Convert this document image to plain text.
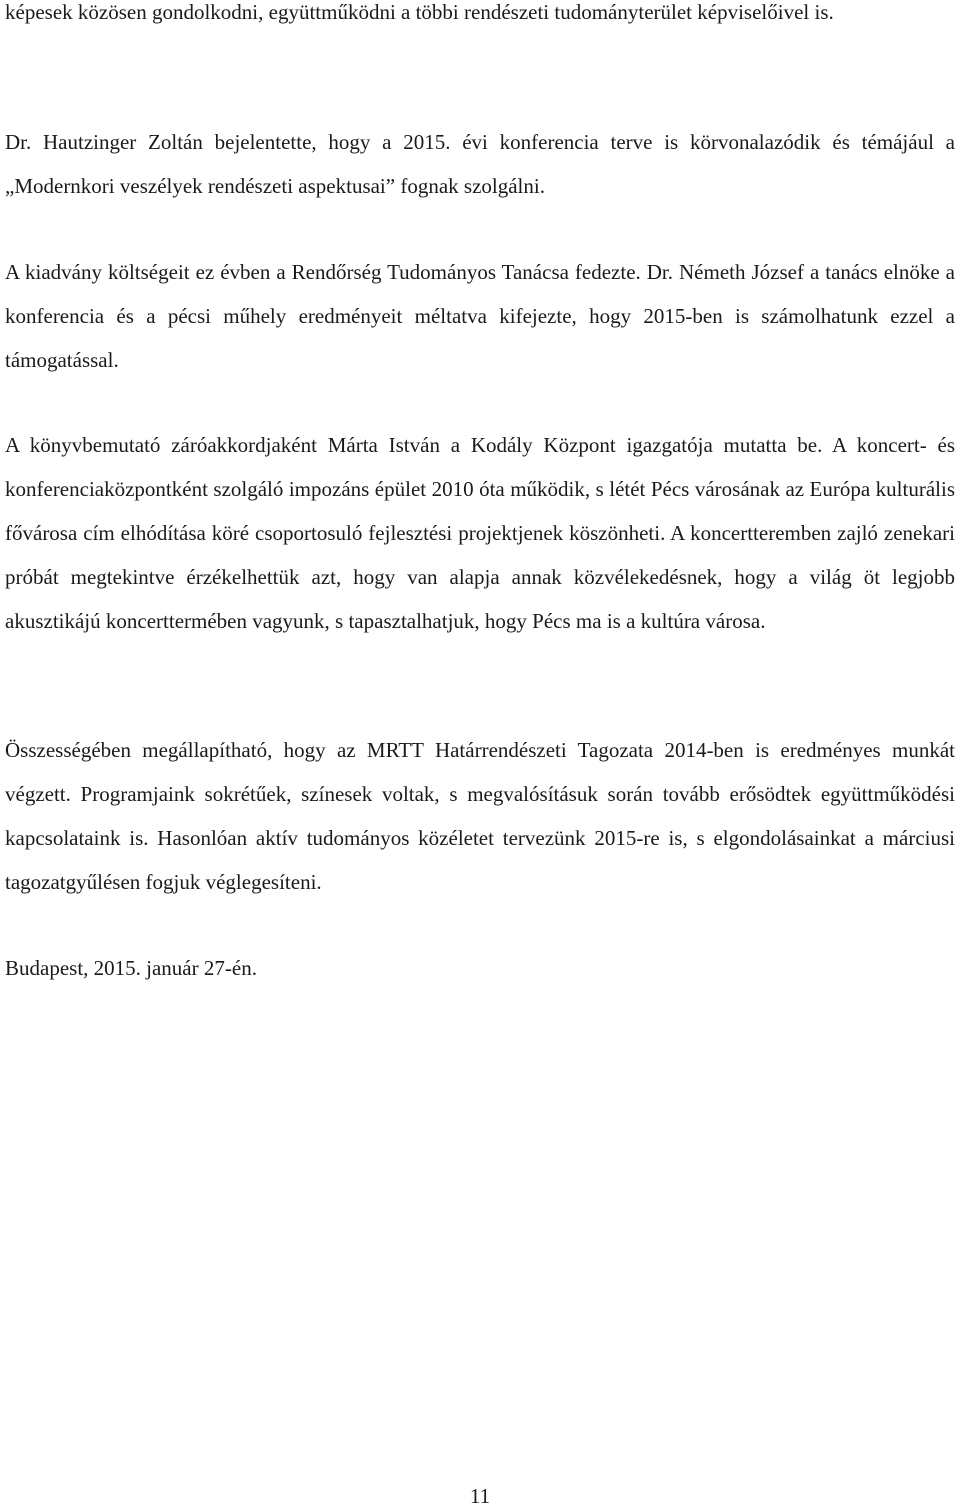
képesek közösen gondolkodni, együttműködni a többi rendészeti tudományterület képviselőivel is.

Dr. Hautzinger Zoltán bejelentette, hogy a 2015. évi konferencia terve is körvonalazódik és témájául a „Modernkori veszélyek rendészeti aspektusai” fognak szolgálni.

A kiadvány költségeit ez évben a Rendőrség Tudományos Tanácsa fedezte. Dr. Németh József a tanács elnöke a konferencia és a pécsi műhely eredményeit méltatva kifejezte, hogy 2015-ben is számolhatunk ezzel a támogatással.

A könyvbemutató záróakkordjaként Márta István a Kodály Központ igazgatója mutatta be. A koncert- és konferenciaközpontként szolgáló impozáns épület 2010 óta működik, s létét Pécs városának az Európa kulturális fővárosa cím elhódítása köré csoportosuló fejlesztési projektjenek köszönheti. A koncertteremben zajló zenekari próbát megtekintve érzékelhettük azt, hogy van alapja annak közvélekedésnek, hogy a világ öt legjobb akusztikájú koncerttermében vagyunk, s tapasztalhatjuk, hogy Pécs ma is a kultúra városa.

Összességében megállapítható, hogy az MRTT Határrendészeti Tagozata 2014-ben is eredményes munkát végzett. Programjaink sokrétűek, színesek voltak, s megvalósításuk során tovább erősödtek együttműködési kapcsolataink is. Hasonlóan aktív tudományos közéletet tervezünk 2015-re is, s elgondolásainkat a márciusi tagozatgyűlésen fogjuk véglegesíteni.

Budapest, 2015. január 27-én.

11
